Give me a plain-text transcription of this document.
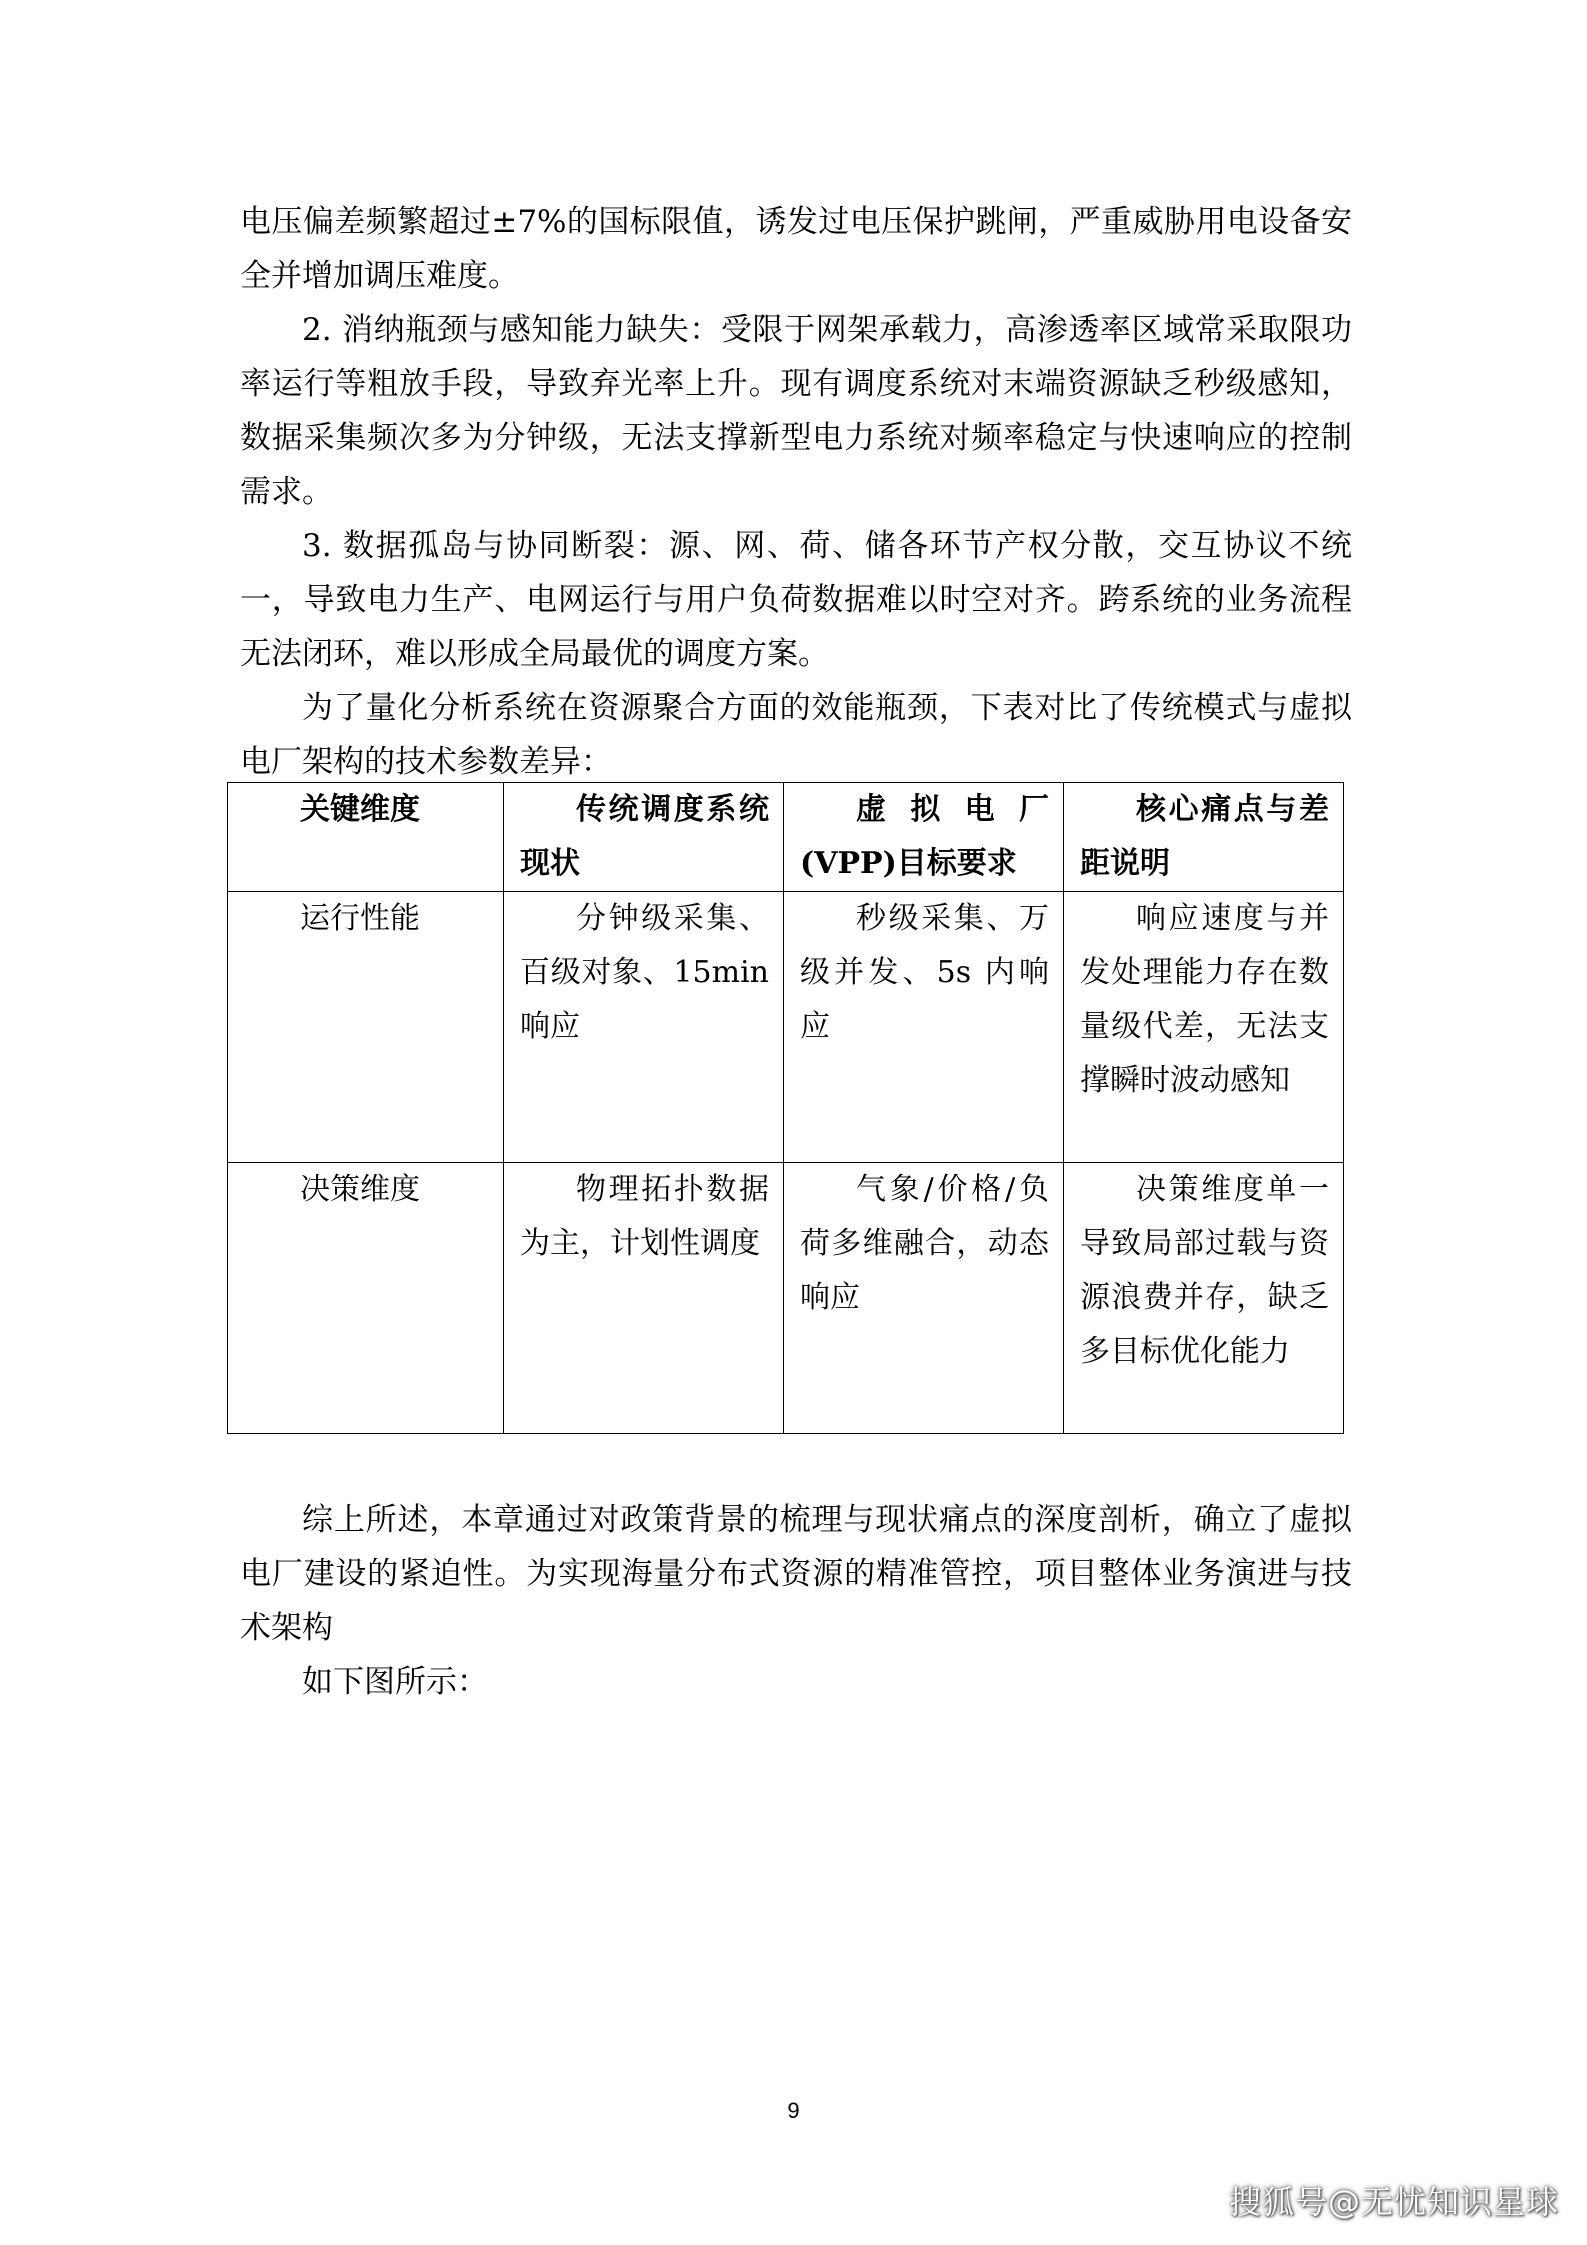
电压偏差频繁超过±7%的国标限值，诱发过电压保护跳闸，严重威胁用电设备安全并增加调压难度。

2. 消纳瓶颈与感知能力缺失：受限于网架承载力，高渗透率区域常采取限功率运行等粗放手段，导致弃光率上升。现有调度系统对末端资源缺乏秒级感知，数据采集频次多为分钟级，无法支撑新型电力系统对频率稳定与快速响应的控制需求。

3. 数据孤岛与协同断裂：源、网、荷、储各环节产权分散，交互协议不统一，导致电力生产、电网运行与用户负荷数据难以时空对齐。跨系统的业务流程无法闭环，难以形成全局最优的调度方案。

为了量化分析系统在资源聚合方面的效能瓶颈，下表对比了传统模式与虚拟电厂架构的技术参数差异：

关键维度	传统调度系统现状	虚拟电厂(VPP)目标要求	核心痛点与差距说明
运行性能	分钟级采集、百级对象、15min 响应	秒级采集、万级并发、5s 内响应	响应速度与并发处理能力存在数量级代差，无法支撑瞬时波动感知
决策维度	物理拓扑数据为主，计划性调度	气象/价格/负荷多维融合，动态响应	决策维度单一导致局部过载与资源浪费并存，缺乏多目标优化能力

综上所述，本章通过对政策背景的梳理与现状痛点的深度剖析，确立了虚拟电厂建设的紧迫性。为实现海量分布式资源的精准管控，项目整体业务演进与技术架构

如下图所示：

9
搜狐号@无忧知识星球
